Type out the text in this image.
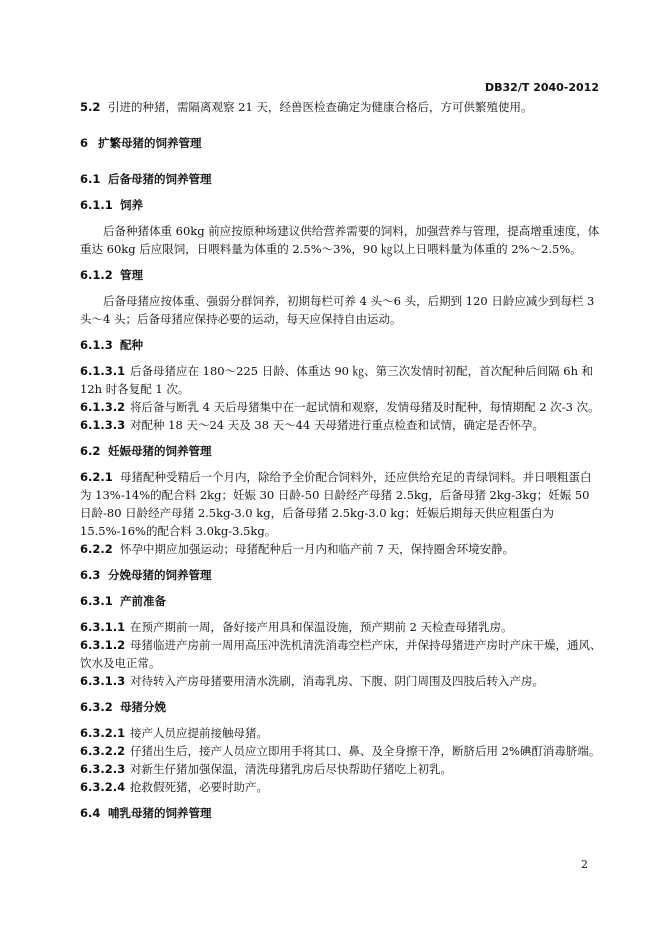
DB32/T 2040-2012

5.2 引进的种猪，需隔离观察 21 天，经兽医检查确定为健康合格后，方可供繁殖使用。

6 扩繁母猪的饲养管理

6.1 后备母猪的饲养管理

6.1.1 饲养

后备种猪体重 60kg 前应按原种场建议供给营养需要的饲料，加强营养与管理，提高增重速度，体重达 60kg 后应限饲，日喂料量为体重的 2.5%～3%，90 ㎏以上日喂料量为体重的 2%～2.5%。

6.1.2 管理

后备母猪应按体重、强弱分群饲养，初期每栏可养 4 头～6 头，后期到 120 日龄应减少到每栏 3 头～4 头；后备母猪应保持必要的运动，每天应保持自由运动。

6.1.3 配种

6.1.3.1 后备母猪应在 180～225 日龄、体重达 90 ㎏、第三次发情时初配，首次配种后间隔 6h 和 12h 时各复配 1 次。

6.1.3.2 将后备与断乳 4 天后母猪集中在一起试情和观察，发情母猪及时配种，每情期配 2 次-3 次。

6.1.3.3 对配种 18 天～24 天及 38 天～44 天母猪进行重点检查和试情，确定是否怀孕。

6.2 妊娠母猪的饲养管理

6.2.1 母猪配种受精后一个月内，除给予全价配合饲料外，还应供给充足的青绿饲料。并日喂粗蛋白为 13%-14%的配合料 2kg；妊娠 30 日龄-50 日龄经产母猪 2.5kg，后备母猪 2kg-3kg；妊娠 50 日龄-80 日龄经产母猪 2.5kg-3.0 kg，后备母猪 2.5kg-3.0 kg；妊娠后期每天供应粗蛋白为 15.5%-16%的配合料 3.0kg-3.5kg。

6.2.2 怀孕中期应加强运动；母猪配种后一月内和临产前 7 天，保持圈舍环境安静。

6.3 分娩母猪的饲养管理

6.3.1 产前准备

6.3.1.1 在预产期前一周，备好接产用具和保温设施，预产期前 2 天检查母猪乳房。

6.3.1.2 母猪临进产房前一周用高压冲洗机清洗消毒空栏产床，并保持母猪进产房时产床干燥，通风、饮水及电正常。

6.3.1.3 对待转入产房母猪要用清水洗刷，消毒乳房、下腹、阴门周围及四肢后转入产房。

6.3.2 母猪分娩

6.3.2.1 接产人员应提前接触母猪。

6.3.2.2 仔猪出生后，接产人员应立即用手将其口、鼻、及全身擦干净，断脐后用 2%碘酊消毒脐端。

6.3.2.3 对新生仔猪加强保温，清洗母猪乳房后尽快帮助仔猪吃上初乳。

6.3.2.4 抢救假死猪，必要时助产。

6.4 哺乳母猪的饲养管理

2
